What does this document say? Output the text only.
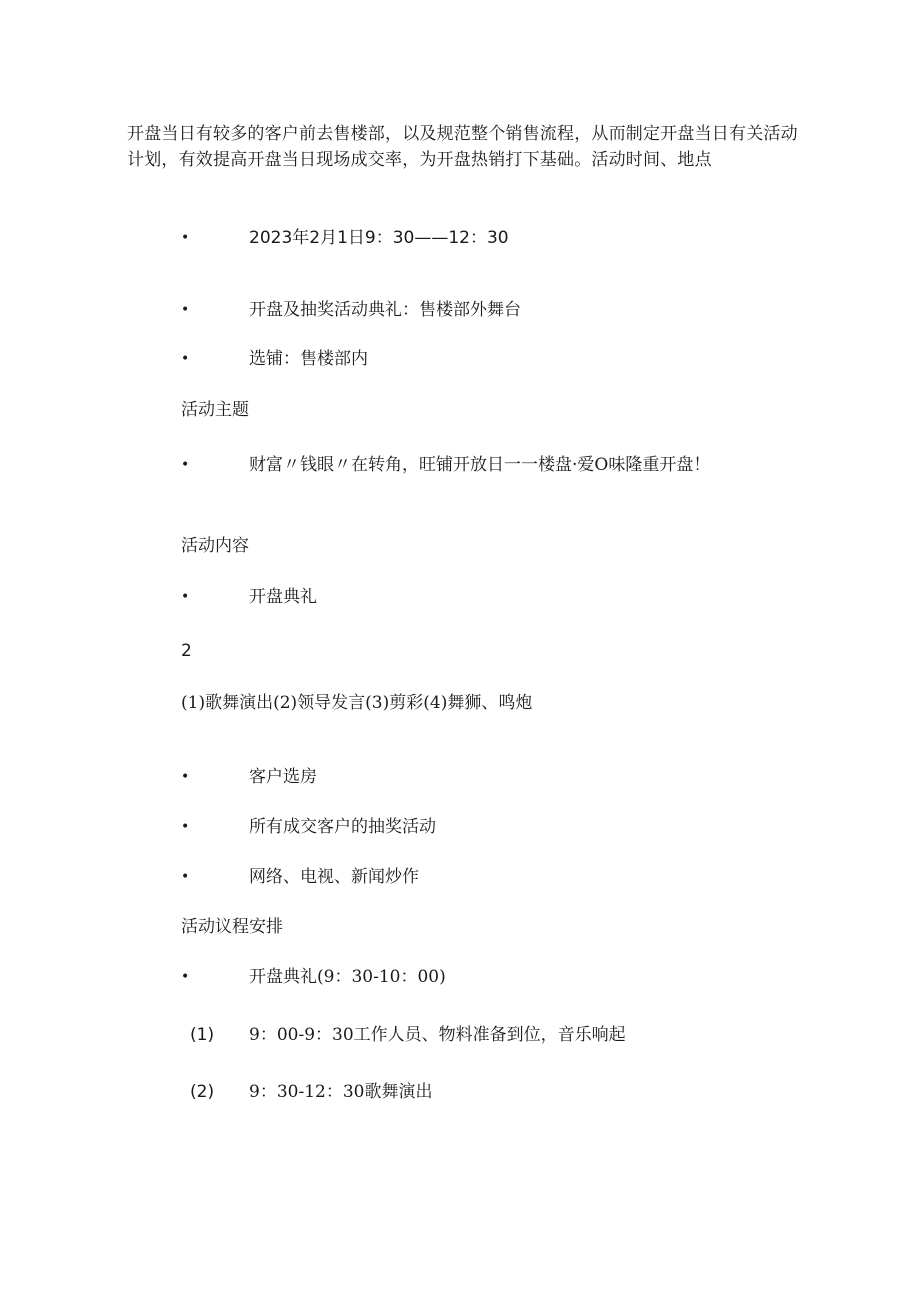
开盘当日有较多的客户前去售楼部，以及规范整个销售流程，从而制定开盘当日有关活动计划，有效提高开盘当日现场成交率，为开盘热销打下基础。活动时间、地点

•	2023年2月1日9：30——12：30
•	开盘及抽奖活动典礼：售楼部外舞台
•	选铺：售楼部内
活动主题
•	财富〃钱眼〃在转角，旺铺开放日一一楼盘·爱O味隆重开盘！
活动内容
•	开盘典礼
2
(1)歌舞演出(2)领导发言(3)剪彩(4)舞狮、鸣炮
•	客户选房
•	所有成交客户的抽奖活动
•	网络、电视、新闻炒作
活动议程安排
•	开盘典礼(9：30-10：00)
(1) 9：00-9：30工作人员、物料准备到位，音乐响起
(2) 9：30-12：30歌舞演出
